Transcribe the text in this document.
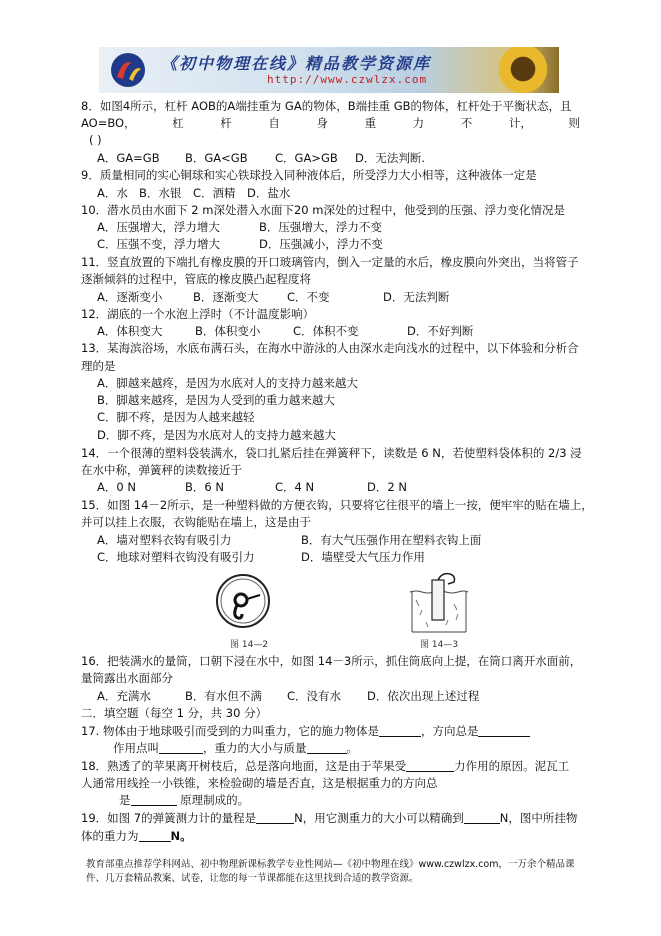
《初中物理在线》精品教学资源库
http://www.czwlzx.com
8．如图4所示，杠杆 AOB的A端挂重为 GA的物体，B端挂重 GB的物体，杠杆处于平衡状态，且
AO=BO，	杠	杆	自	身	重	力	不	计，	则
( )
A．GA=GB B．GA<GB C．GA>GB D．无法判断.
9．质量相同的实心铜球和实心铁球投入同种液体后，所受浮力大小相等，这种液体一定是
A．水 B．水银 C．酒精 D．盐水
10．潜水员由水面下 2 m深处潜入水面下20 m深处的过程中，他受到的压强、浮力变化情况是
A．压强增大，浮力增大	B．压强增大，浮力不变
C．压强不变，浮力增大	D．压强减小，浮力不变
11．竖直放置的下端扎有橡皮膜的开口玻璃管内，倒入一定量的水后，橡皮膜向外突出，当将管子
逐渐倾斜的过程中，管底的橡皮膜凸起程度将
A．逐渐变小	B．逐渐变大 C．不变	D．无法判断
12．湖底的一个水泡上浮时（不计温度影响）
A．体积变大	B．体积变小	C．体积不变	D．不好判断
13．某海滨浴场，水底布满石头，在海水中游泳的人由深水走向浅水的过程中，以下体验和分析合
理的是
A．脚越来越疼，是因为水底对人的支持力越来越大
B．脚越来越疼，是因为人受到的重力越来越大
C．脚不疼，是因为人越来越轻
D．脚不疼，是因为水底对人的支持力越来越大
14．一个很薄的塑料袋装满水，袋口扎紧后挂在弹簧秤下，读数是 6 N，若使塑料袋体积的 2/3 浸
在水中称，弹簧秤的读数接近于
A．0 N	B．6 N	C．4 N	D．2 N
15．如图 14－2所示，是一种塑料做的方便衣钩，只要将它往很平的墙上一按，便牢牢的贴在墙上，
并可以挂上衣服，衣钩能贴在墙上，这是由于
A．墙对塑料衣钩有吸引力	B．有大气压强作用在塑料衣钩上面
C．地球对塑料衣钩没有吸引力	D．墙壁受大气压力作用
图 14—2	图 14—3
16．把装满水的量筒，口朝下浸在水中，如图 14－3所示，抓住筒底向上提，在筒口离开水面前，
量筒露出水面部分
A．充满水	B．有水但不满 C．没有水 D．依次出现上述过程
二．填空题（每空 1 分，共 30 分）
17. 物体由于地球吸引而受到的力叫重力，它的施力物体是	，方向总是
作用点叫	，重力的大小与质量	。
18．熟透了的苹果离开树枝后，总是落向地面，这是由于苹果受	力作用的原因。泥瓦工
人通常用线拴一小铁锥，来检验砌的墙是否直，这是根据重力的方向总
是	原理制成的。
19．如图 7的弹簧测力计的量程是	N，用它测重力的大小可以精确到	N，图中所挂物
体的重力为	N。
教育部重点推荐学科网站、初中物理新课标教学专业性网站—《初中物理在线》www.czwlzx.com，一万余个精品课
件、几万套精品教案、试卷，让您的每一节课都能在这里找到合适的教学资源。
